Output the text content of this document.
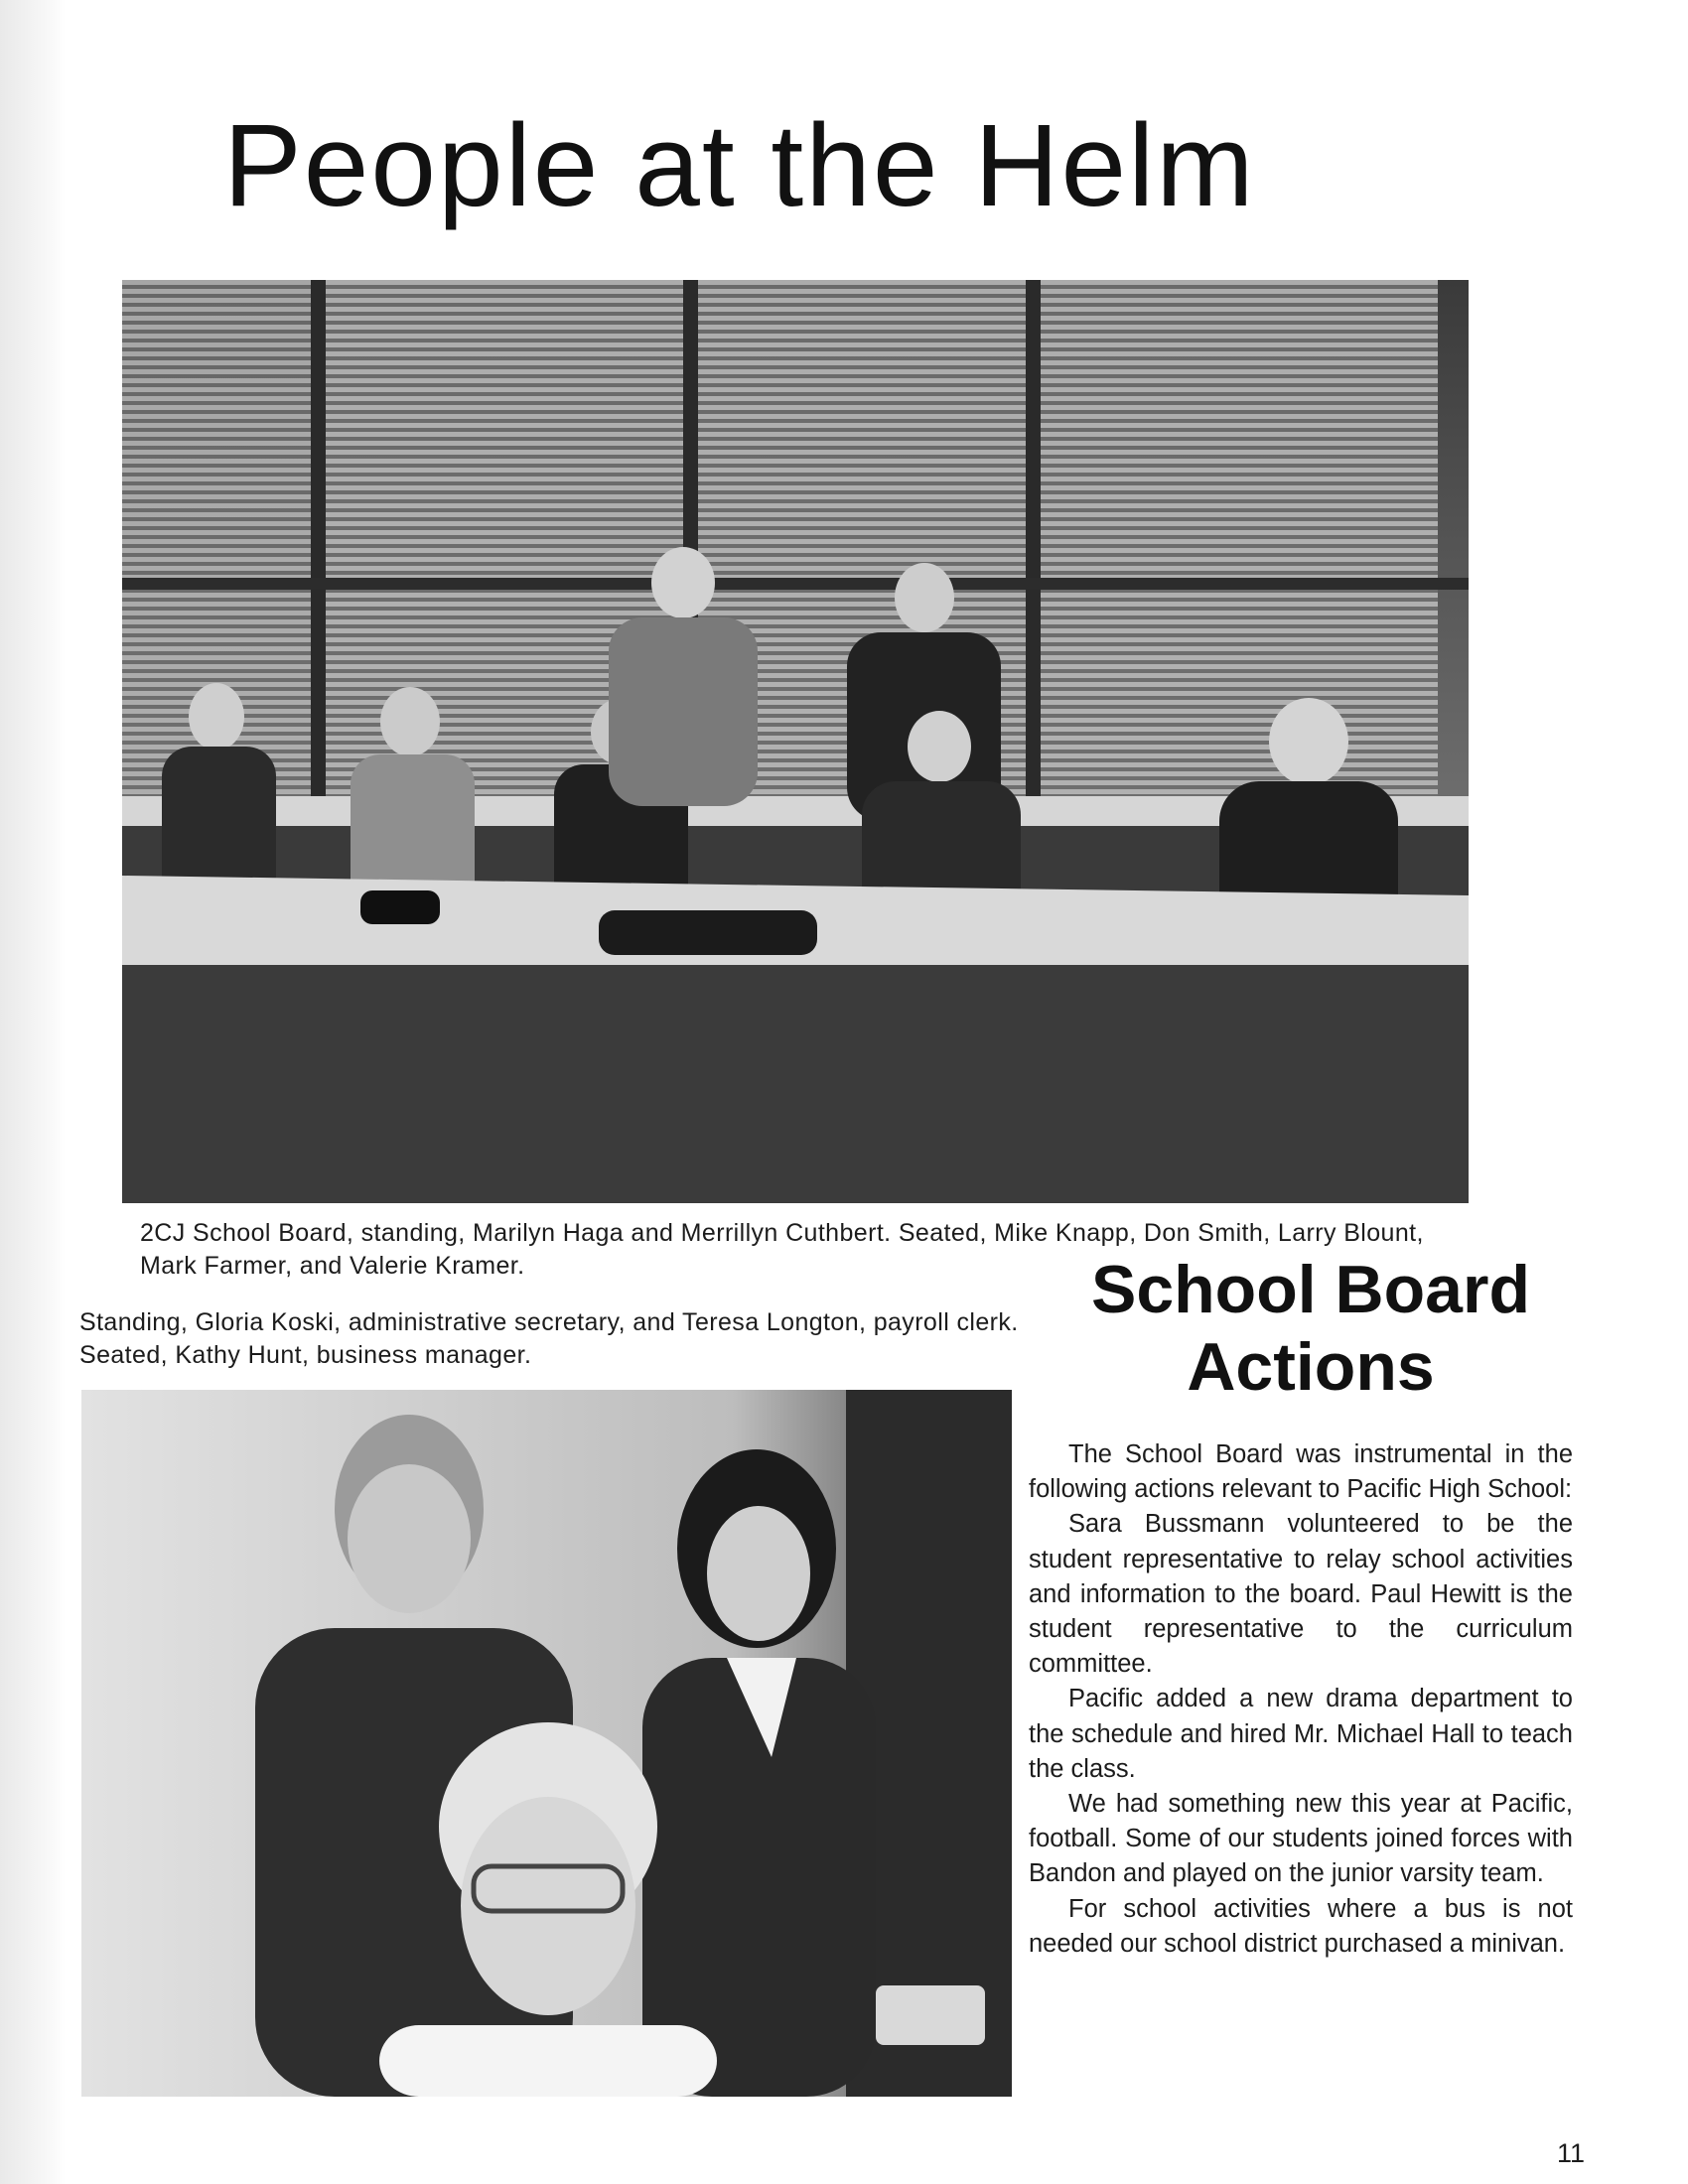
People at the Helm

2CJ School Board, standing, Marilyn Haga and Merrillyn Cuthbert. Seated, Mike Knapp, Don Smith, Larry Blount, Mark Farmer, and Valerie Kramer.

Standing, Gloria Koski, administrative secretary, and Teresa Longton, payroll clerk. Seated, Kathy Hunt, business manager.

School Board Actions

The School Board was instrumental in the following actions relevant to Pacific High School:

Sara Bussmann volunteered to be the student representative to relay school activities and information to the board. Paul Hewitt is the student representative to the curriculum committee.

Pacific added a new drama department to the schedule and hired Mr. Michael Hall to teach the class.

We had something new this year at Pacific, football. Some of our students joined forces with Bandon and played on the junior varsity team.

For school activities where a bus is not needed our school district purchased a minivan.

11
